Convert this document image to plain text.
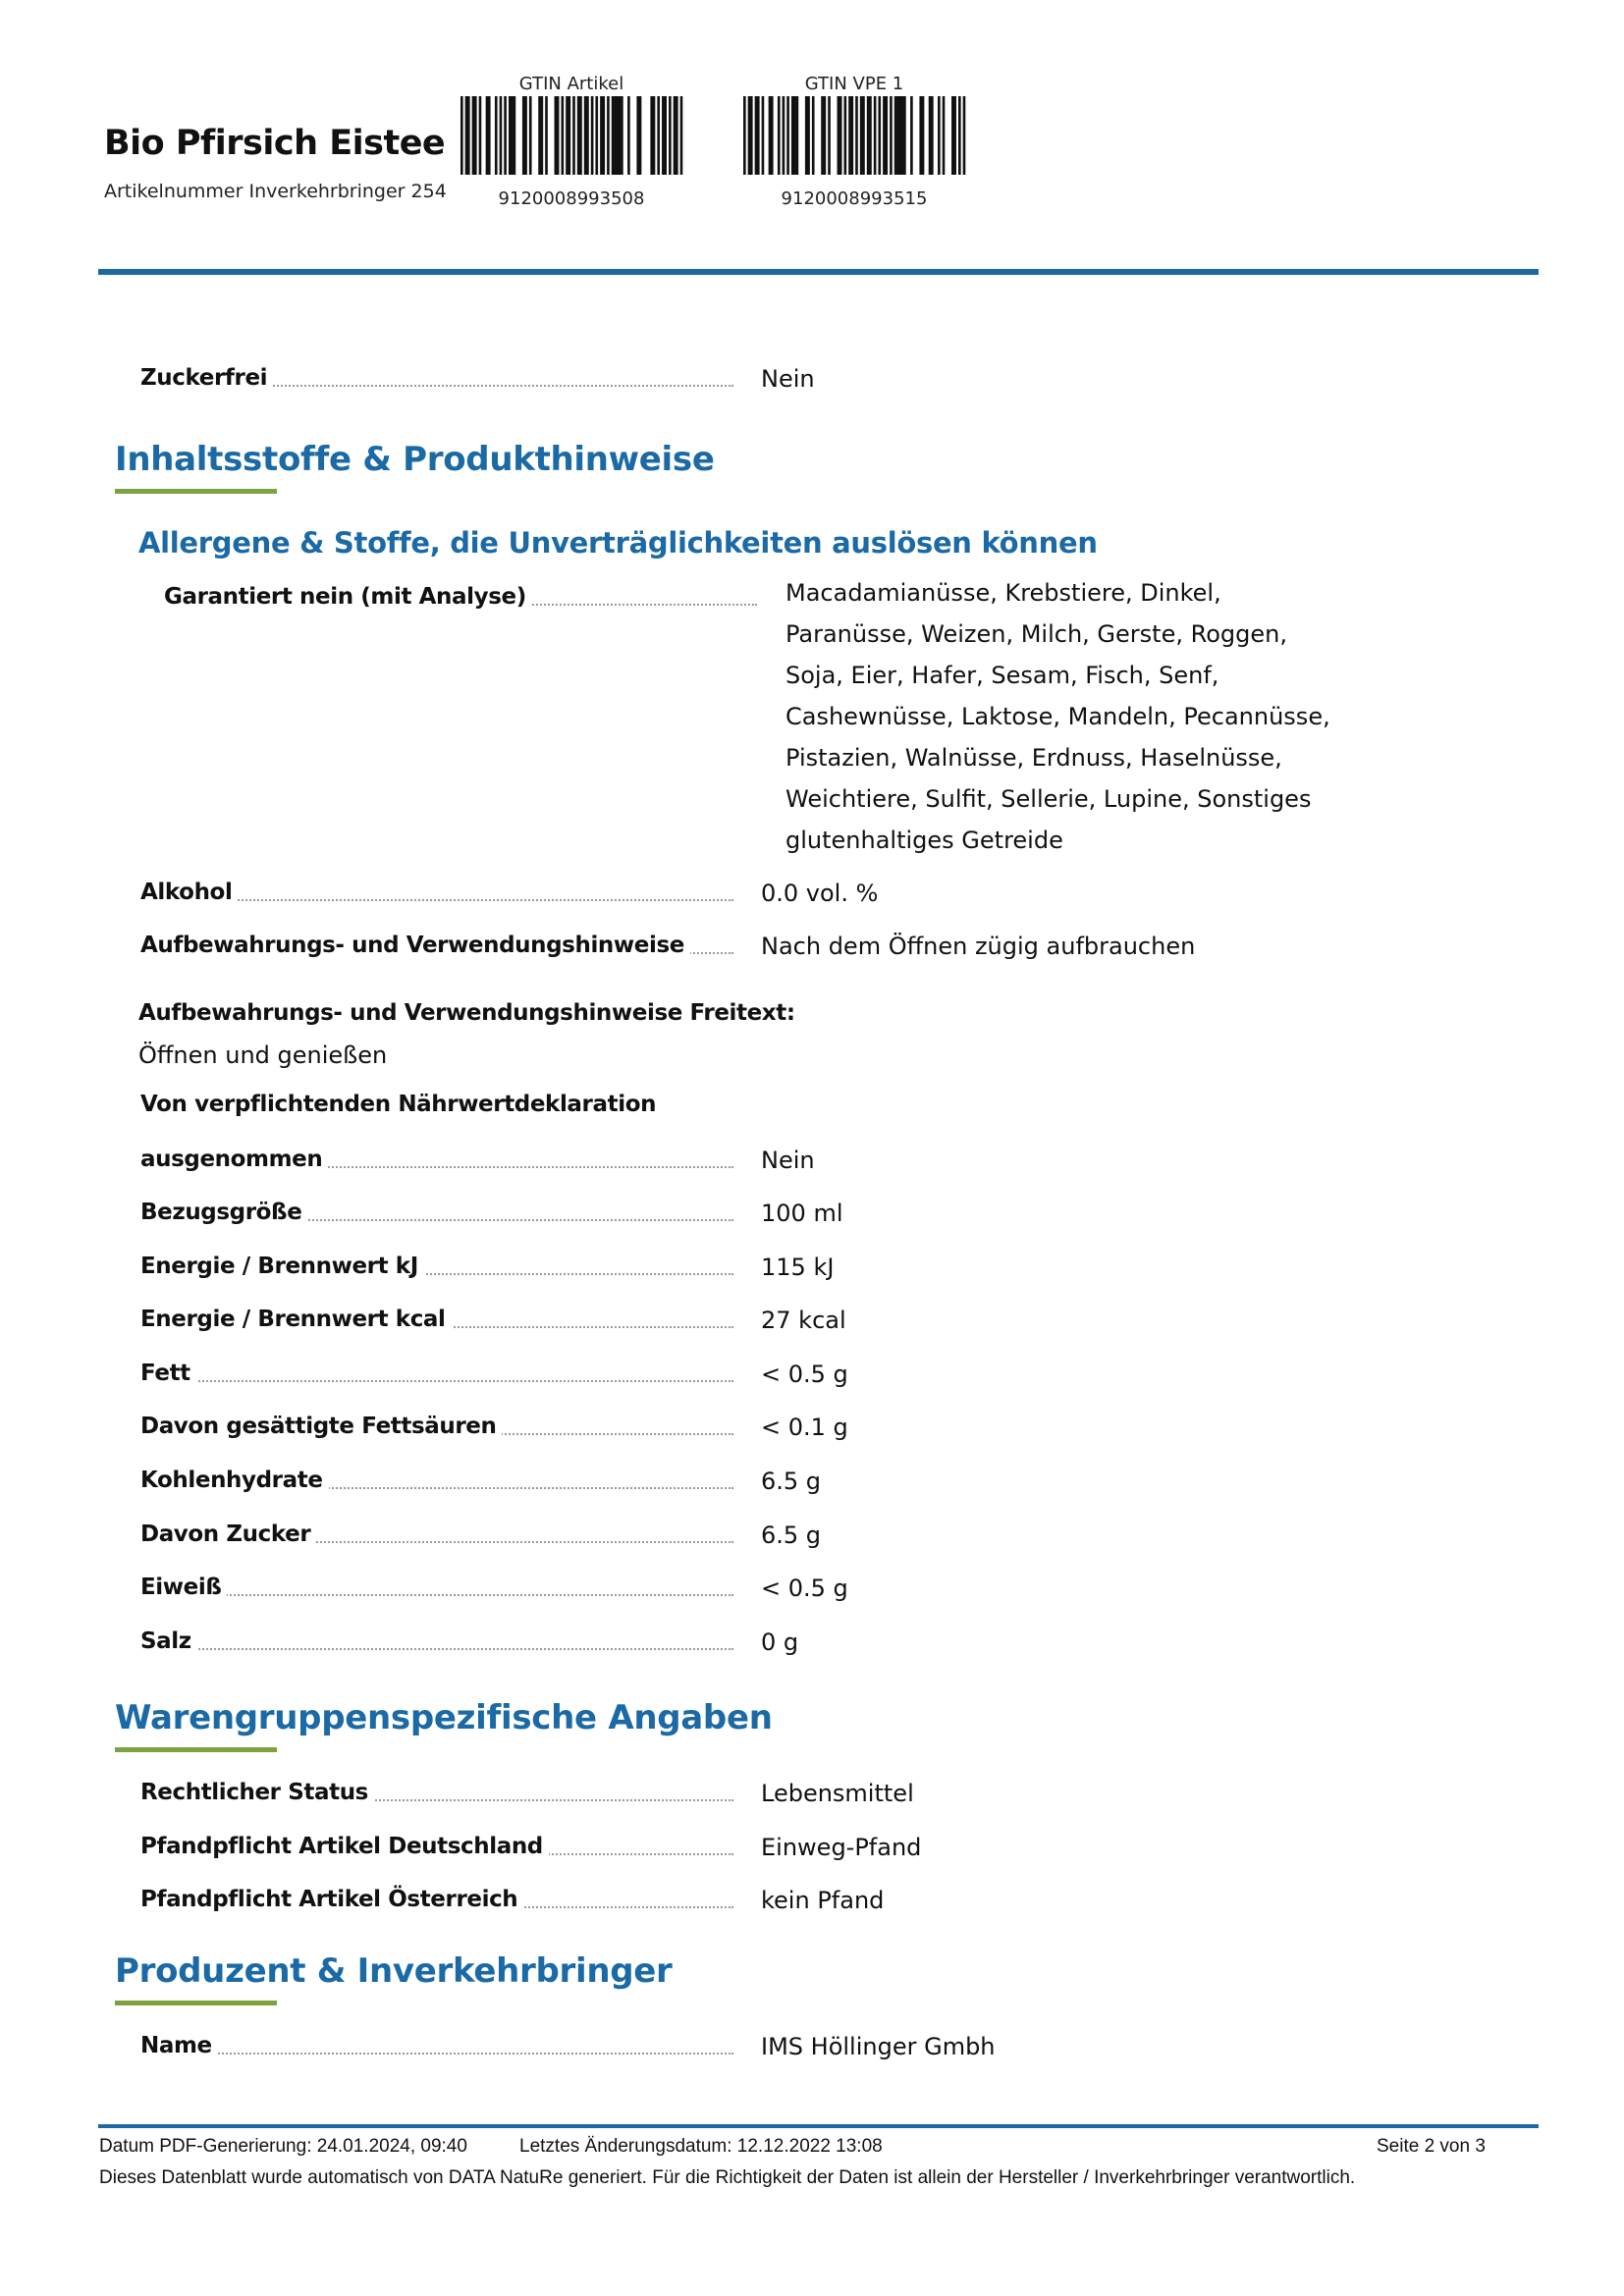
Bio Pfirsich Eistee
Artikelnummer Inverkehrbringer 254
GTIN Artikel
9120008993508
GTIN VPE 1
9120008993515
Zuckerfrei	Nein
Inhaltsstoffe & Produkthinweise
Allergene & Stoffe, die Unverträglichkeiten auslösen können
Garantiert nein (mit Analyse)	Macadamianüsse, Krebstiere, Dinkel,
Paranüsse, Weizen, Milch, Gerste, Roggen,
Soja, Eier, Hafer, Sesam, Fisch, Senf,
Cashewnüsse, Laktose, Mandeln, Pecannüsse,
Pistazien, Walnüsse, Erdnuss, Haselnüsse,
Weichtiere, Sulfit, Sellerie, Lupine, Sonstiges
glutenhaltiges Getreide
Alkohol	0.0 vol. %
Aufbewahrungs- und Verwendungshinweise	Nach dem Öffnen zügig aufbrauchen
Aufbewahrungs- und Verwendungshinweise Freitext:
Öffnen und genießen
Von verpflichtenden Nährwertdeklaration
ausgenommen	Nein
Bezugsgröße	100 ml
Energie / Brennwert kJ	115 kJ
Energie / Brennwert kcal	27 kcal
Fett	< 0.5 g
Davon gesättigte Fettsäuren	< 0.1 g
Kohlenhydrate	6.5 g
Davon Zucker	6.5 g
Eiweiß	< 0.5 g
Salz	0 g
Warengruppenspezifische Angaben
Rechtlicher Status	Lebensmittel
Pfandpflicht Artikel Deutschland	Einweg-Pfand
Pfandpflicht Artikel Österreich	kein Pfand
Produzent & Inverkehrbringer
Name	IMS Höllinger Gmbh
Datum PDF-Generierung: 24.01.2024, 09:40	Letztes Änderungsdatum: 12.12.2022 13:08	Seite 2 von 3
Dieses Datenblatt wurde automatisch von DATA NatuRe generiert. Für die Richtigkeit der Daten ist allein der Hersteller / Inverkehrbringer verantwortlich.
